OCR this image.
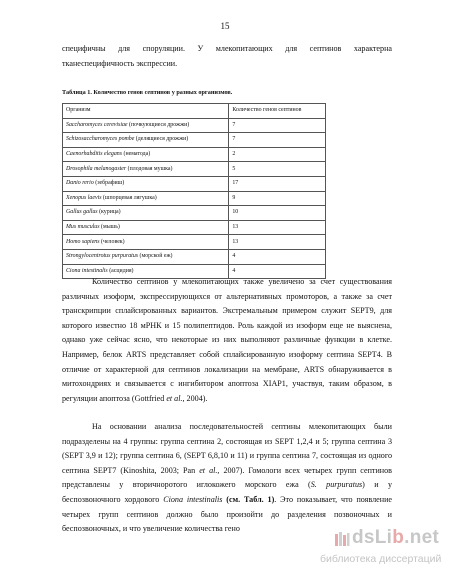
15

специфичны для споруляции. У млекопитающих для септинов характерна

тканеспецифичность экспрессии.

Таблица 1. Количество генов септинов у разных организмов.
Организм	Количество генов септинов
Saccharomyces cerevisiae (почкующиеся дрожжи)	7
Schizosaccharomyces pombe (делящиеся дрожжи)	7
Caenorhabditis elegans (нематода)	2
Drosophila melanogaster (плодовая мушка)	5
Danio rerio (зебрафиш)	17
Xenopus laevis (шпорцевая лягушка)	9
Gallus gallus (курица)	10
Mus musculus (мышь)	13
Homo sapiens (человек)	13
Strongylocentrotus purpuratus (морской еж)	4
Ciona intestinalis (асцидия)	4

Количество септинов у млекопитающих также увеличено за счет существования

различных изоформ, экспрессирующихся от альтернативных промоторов, а также за счет

транскрипции сплайсированных вариантов. Экстремальным примером служит SEPT9, для

которого известно 18 мРНК и 15 полипептидов. Роль каждой из изоформ еще не выяснена,

однако уже сейчас ясно, что некоторые из них выполняют различные функции в клетке.

Например, белок ARTS представляет собой сплайсированную изоформу септина SEPT4. В

отличие от характерной для септинов локализации на мембране, ARTS обнаруживается в

митохондриях и связывается с ингибитором апоптоза XIAP1, участвуя, таким образом, в

регуляции апоптоза (Gottfried et al., 2004).

На основании анализа последовательностей септины млекопитающих были

подразделены на 4 группы: группа септина 2, состоящая из SEPT 1,2,4 и 5; группа септина 3

(SEPT 3,9 и 12); группа септина 6, (SEPT 6,8,10 и 11) и группа септина 7, состоящая из одного

септина SEPT7 (Kinoshita, 2003; Pan et al., 2007). Гомологи всех четырех групп септинов

представлены у вторичноротого иглокожего морского ежа (S. purpuratus) и у

беспозвоночного хордового Ciona intestinalis (см. Табл. 1). Это показывает, что появление

четырех групп септинов должно было произойти до разделения позвоночных и

беспозвоночных, и что увеличение количества гено	dsLib.net
библиотека диссертаций
